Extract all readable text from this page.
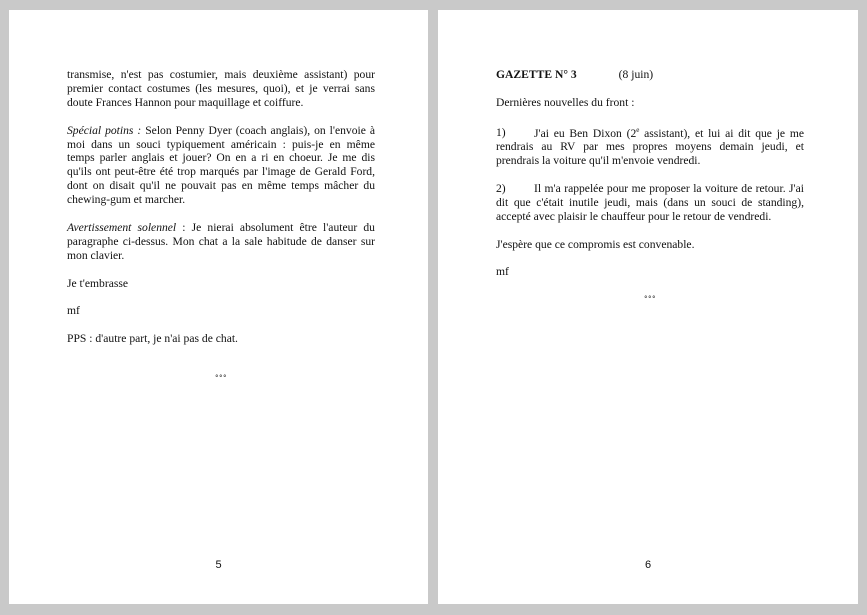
transmise, n'est pas costumier, mais deuxième assistant) pour premier contact costumes (les mesures, quoi), et je verrai sans doute Frances Hannon pour maquillage et coiffure.

Spécial potins : Selon Penny Dyer (coach anglais), on l'envoie à moi dans un souci typiquement américain : puis-je en même temps parler anglais et jouer? On en a ri en choeur. Je me dis qu'ils ont peut-être été trop marqués par l'image de Gerald Ford, dont on disait qu'il ne pouvait pas en même temps mâcher du chewing-gum et marcher.

Avertissement solennel : Je nierai absolument être l'auteur du paragraphe ci-dessus. Mon chat a la sale habitude de danser sur mon clavier.

Je t'embrasse

mf

PPS : d'autre part, je n'ai pas de chat.

°°°
5
GAZETTE N° 3	(8 juin)

Dernières nouvelles du front :

1) J'ai eu Ben Dixon (2e assistant), et lui ai dit que je me rendrais au RV par mes propres moyens demain jeudi, et prendrais la voiture qu'il m'envoie vendredi.

2) Il m'a rappelée pour me proposer la voiture de retour. J'ai dit que c'était inutile jeudi, mais (dans un souci de standing), accepté avec plaisir le chauffeur pour le retour de vendredi.

J'espère que ce compromis est convenable.

mf

°°°
6
